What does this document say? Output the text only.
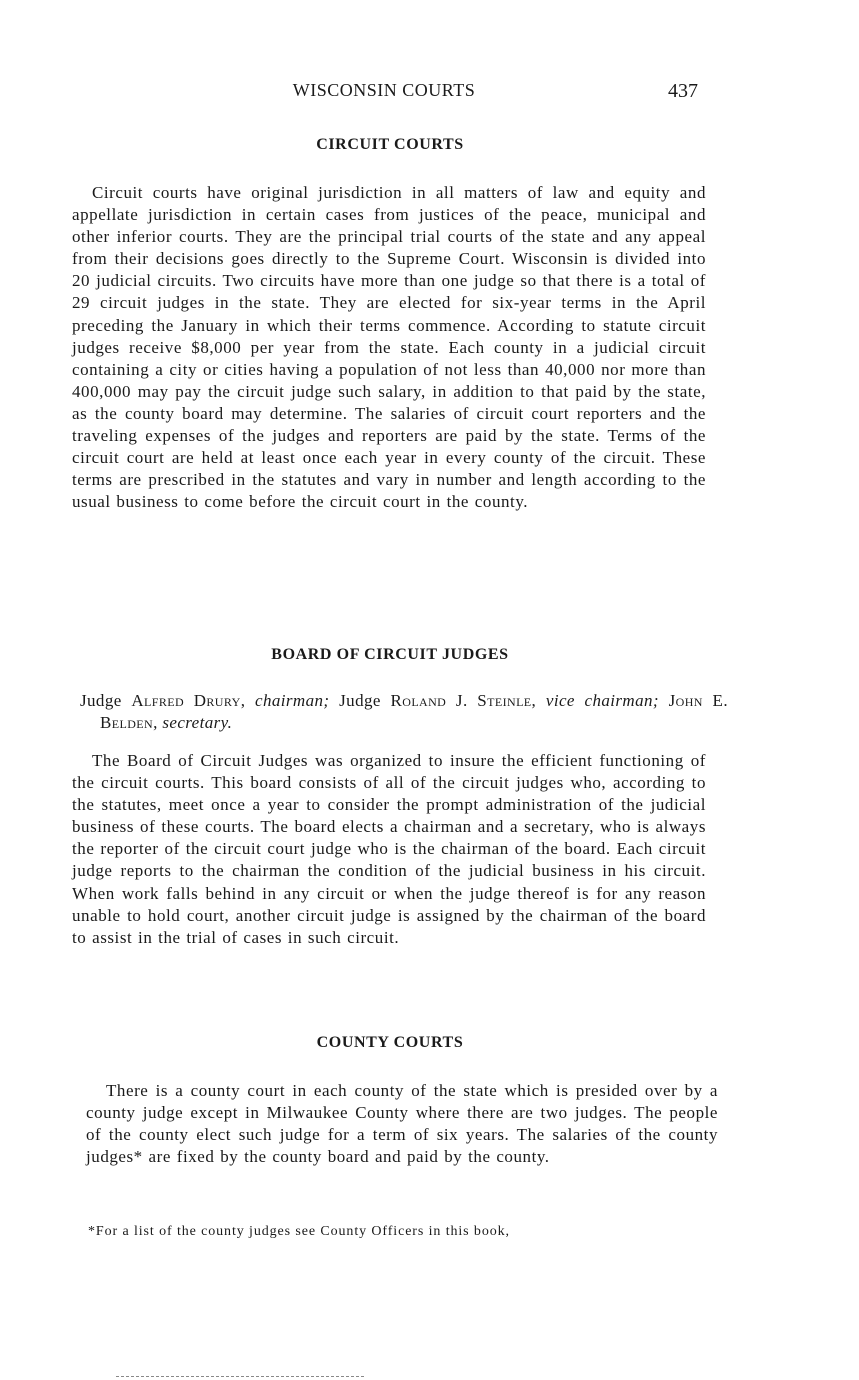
WISCONSIN COURTS	437
CIRCUIT COURTS

Circuit courts have original jurisdiction in all matters of law and equity and appellate jurisdiction in certain cases from justices of the peace, municipal and other inferior courts. They are the principal trial courts of the state and any appeal from their decisions goes directly to the Supreme Court. Wisconsin is divided into 20 judicial circuits. Two circuits have more than one judge so that there is a total of 29 circuit judges in the state. They are elected for six-year terms in the April preceding the January in which their terms commence. According to statute circuit judges receive $8,000 per year from the state. Each county in a judicial circuit containing a city or cities having a population of not less than 40,000 nor more than 400,000 may pay the circuit judge such salary, in addition to that paid by the state, as the county board may determine. The salaries of circuit court reporters and the traveling expenses of the judges and reporters are paid by the state. Terms of the circuit court are held at least once each year in every county of the circuit. These terms are prescribed in the statutes and vary in number and length according to the usual business to come before the circuit court in the county.

BOARD OF CIRCUIT JUDGES

Judge Alfred Drury, chairman; Judge Roland J. Steinle, vice chairman; John E. Belden, secretary.

The Board of Circuit Judges was organized to insure the efficient functioning of the circuit courts. This board consists of all of the circuit judges who, according to the statutes, meet once a year to consider the prompt administration of the judicial business of these courts. The board elects a chairman and a secretary, who is always the reporter of the circuit court judge who is the chairman of the board. Each circuit judge reports to the chairman the condition of the judicial business in his circuit. When work falls behind in any circuit or when the judge thereof is for any reason unable to hold court, another circuit judge is assigned by the chairman of the board to assist in the trial of cases in such circuit.

COUNTY COURTS

There is a county court in each county of the state which is presided over by a county judge except in Milwaukee County where there are two judges. The people of the county elect such judge for a term of six years. The salaries of the county judges* are fixed by the county board and paid by the county.

*For a list of the county judges see County Officers in this book,
